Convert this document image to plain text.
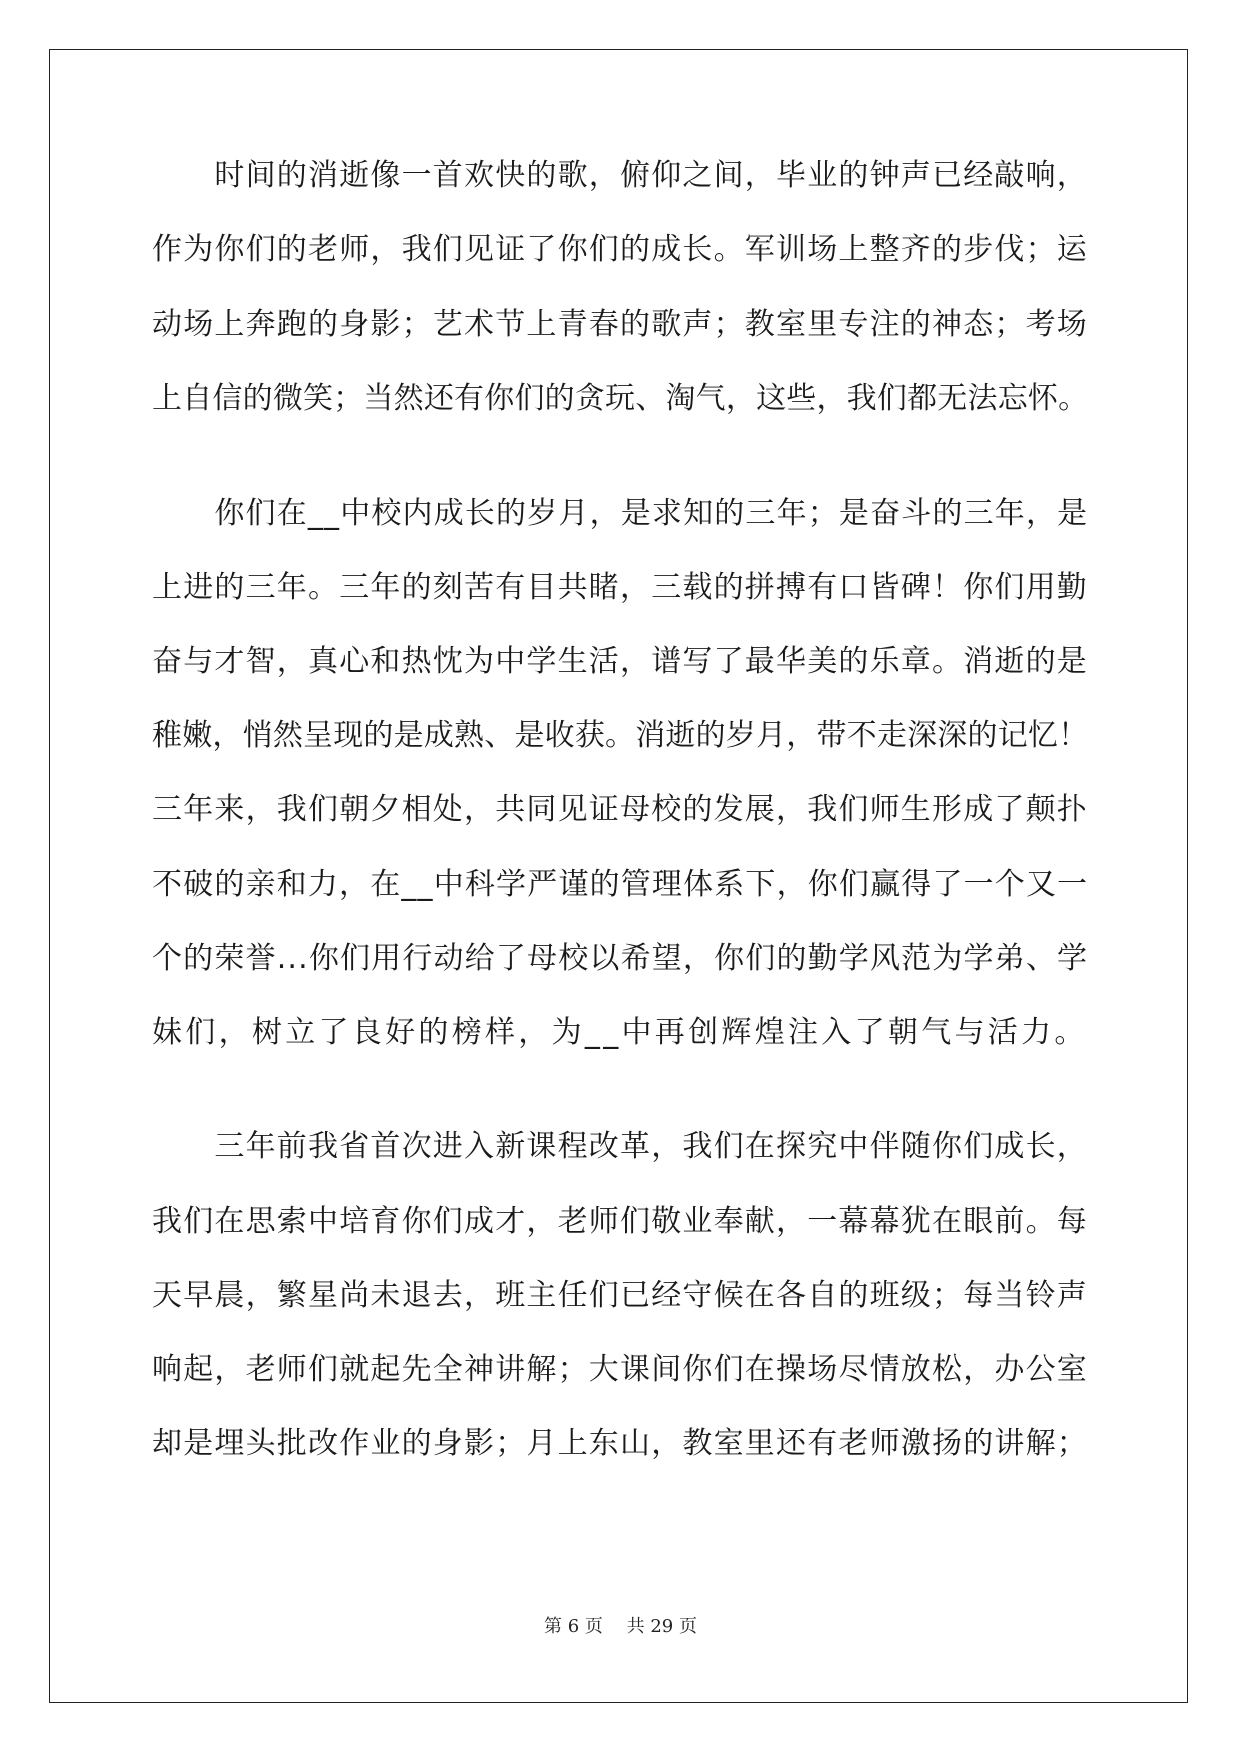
　　时间的消逝像一首欢快的歌，俯仰之间，毕业的钟声已经敲响，

作为你们的老师，我们见证了你们的成长。军训场上整齐的步伐；运

动场上奔跑的身影；艺术节上青春的歌声；教室里专注的神态；考场

上自信的微笑；当然还有你们的贪玩、淘气，这些，我们都无法忘怀。

　　你们在__中校内成长的岁月，是求知的三年；是奋斗的三年，是

上进的三年。三年的刻苦有目共睹，三载的拼搏有口皆碑！你们用勤

奋与才智，真心和热忱为中学生活，谱写了最华美的乐章。消逝的是

稚嫩，悄然呈现的是成熟、是收获。消逝的岁月，带不走深深的记忆！

三年来，我们朝夕相处，共同见证母校的发展，我们师生形成了颠扑

不破的亲和力，在__中科学严谨的管理体系下，你们赢得了一个又一

个的荣誉...你们用行动给了母校以希望，你们的勤学风范为学弟、学

妹们，树立了良好的榜样，为__中再创辉煌注入了朝气与活力。

　　三年前我省首次进入新课程改革，我们在探究中伴随你们成长，

我们在思索中培育你们成才，老师们敬业奉献，一幕幕犹在眼前。每

天早晨，繁星尚未退去，班主任们已经守候在各自的班级；每当铃声

响起，老师们就起先全神讲解；大课间你们在操场尽情放松，办公室

却是埋头批改作业的身影；月上东山，教室里还有老师激扬的讲解；

第 6 页　 共 29 页
